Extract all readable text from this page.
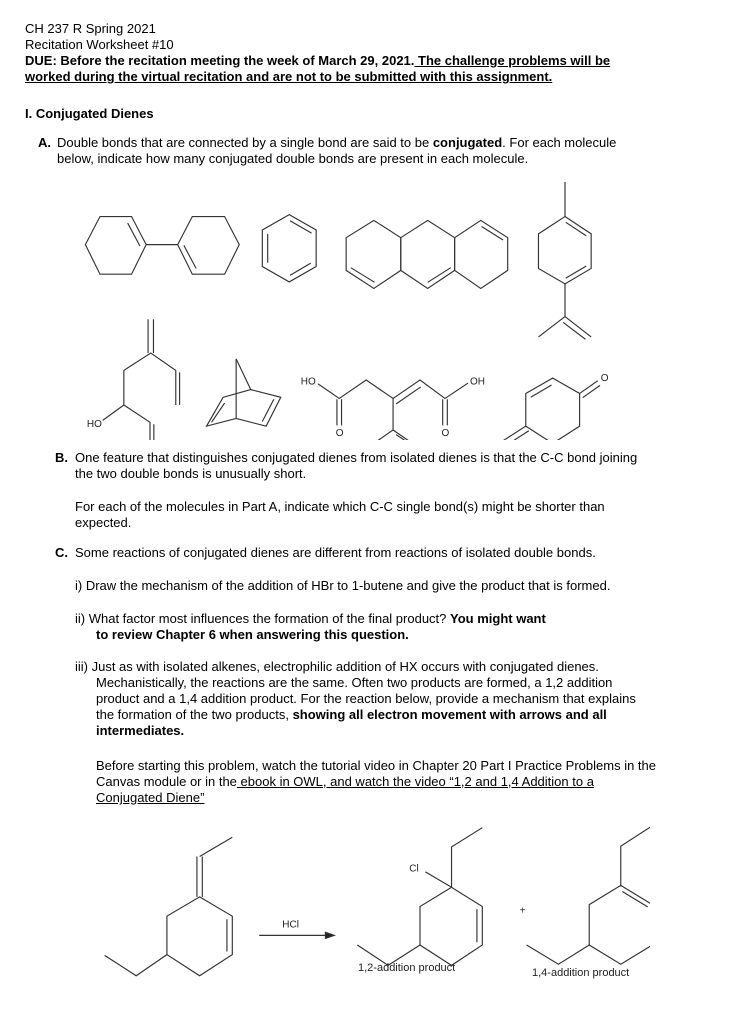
CH 237 R Spring 2021
Recitation Worksheet #10
DUE: Before the recitation meeting the week of March 29, 2021. The challenge problems will be
worked during the virtual recitation and are not to be submitted with this assignment.
I. Conjugated Dienes
A. Double bonds that are connected by a single bond are said to be conjugated. For each molecule
below, indicate how many conjugated double bonds are present in each molecule.
HO
HO	OH
O	O
O
B. One feature that distinguishes conjugated dienes from isolated dienes is that the C-C bond joining
the two double bonds is unusually short.
For each of the molecules in Part A, indicate which C-C single bond(s) might be shorter than
expected.
C. Some reactions of conjugated dienes are different from reactions of isolated double bonds.
i) Draw the mechanism of the addition of HBr to 1-butene and give the product that is formed.
ii) What factor most influences the formation of the final product? You might want
to review Chapter 6 when answering this question.
iii) Just as with isolated alkenes, electrophilic addition of HX occurs with conjugated dienes.
Mechanistically, the reactions are the same. Often two products are formed, a 1,2 addition
product and a 1,4 addition product. For the reaction below, provide a mechanism that explains
the formation of the two products, showing all electron movement with arrows and all
intermediates.
Before starting this problem, watch the tutorial video in Chapter 20 Part I Practice Problems in the
Canvas module or in the ebook in OWL, and watch the video “1,2 and 1,4 Addition to a
Conjugated Diene”
HCl
Cl
+
1,2-addition product	1,4-addition product
